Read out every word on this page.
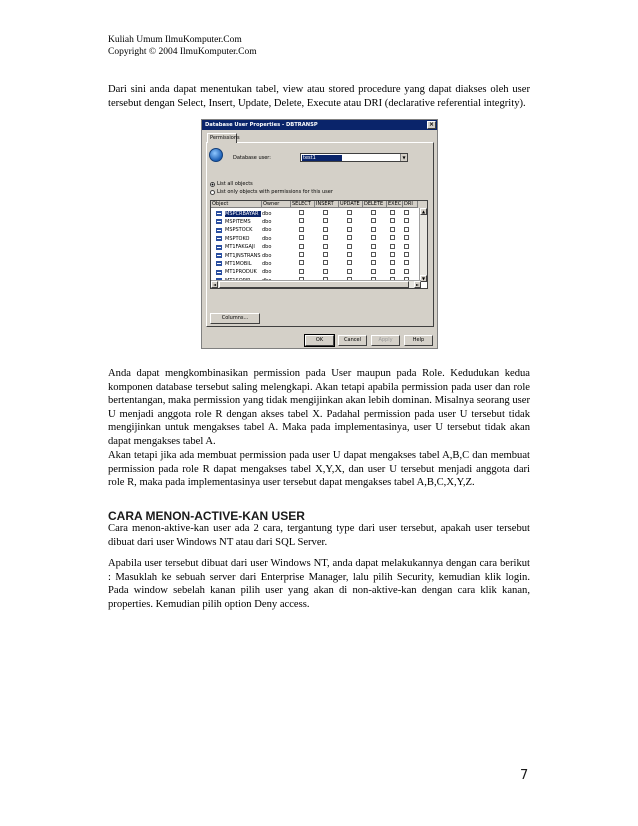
Kuliah Umum IlmuKomputer.Com
Copyright © 2004 IlmuKomputer.Com

Dari sini anda dapat menentukan tabel, view atau stored procedure yang dapat diakses oleh user tersebut dengan Select, Insert, Update, Delete, Execute atau DRI (declarative referential integrity).

Database User Properties - DBTRANSP	×
Permissions
Database user:	test1	▼
List all objects
List only objects with permissions for this user
Object	Owner	SELECT	INSERT	UPDATE DELETE EXEC DRI
MSPCRBAYAR dbo
MSPITEMS	dbo
MSPSTOCK	dbo
MSPTOKO	dbo
MT1FAKGAJI	dbo
MT1JNSTRANS dbo
MT1MOBIL	dbo
MT1PRODUK	dbo
▲
▼
◄	►
Columns...
OK	Cancel	Apply	Help

Anda dapat mengkombinasikan permission pada User maupun pada Role. Kedudukan kedua komponen database tersebut saling melengkapi. Akan tetapi apabila permission pada user dan role bertentangan, maka permission yang tidak mengijinkan akan lebih dominan. Misalnya seorang user U menjadi anggota role R dengan akses tabel X. Padahal permission pada user U tersebut tidak mengijinkan untuk mengakses tabel A. Maka pada implementasinya, user U tersebut tidak akan dapat mengakses tabel A.

Akan tetapi jika ada membuat permission pada user U dapat mengakses tabel A,B,C dan membuat permission pada role R dapat mengakses tabel X,Y,X, dan user U tersebut menjadi anggota dari role R, maka pada implementasinya user tersebut dapat mengakses tabel A,B,C,X,Y,Z.

CARA MENON-ACTIVE-KAN USER

Cara menon-aktive-kan user ada 2 cara, tergantung type dari user tersebut, apakah user tersebut dibuat dari user Windows NT atau dari SQL Server.

Apabila user tersebut dibuat dari user Windows NT, anda dapat melakukannya dengan cara berikut : Masuklah ke sebuah server dari Enterprise Manager, lalu pilih Security, kemudian klik login. Pada window sebelah kanan pilih user yang akan di non-aktive-kan dengan cara klik kanan, properties. Kemudian pilih option Deny access.

7
